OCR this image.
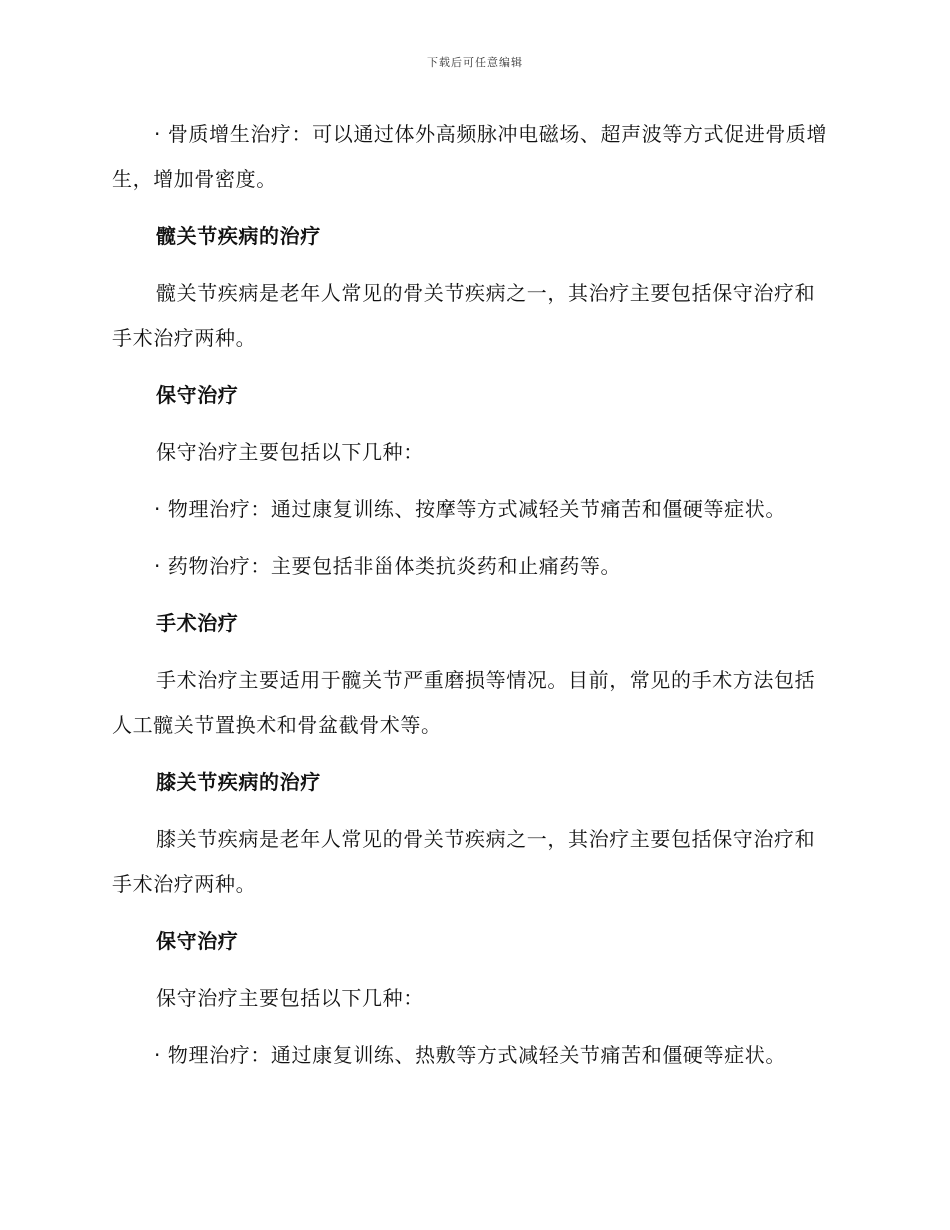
下载后可任意编辑

· 骨质增生治疗：可以通过体外高频脉冲电磁场、超声波等方式促进骨质增生，增加骨密度。

髋关节疾病的治疗

髋关节疾病是老年人常见的骨关节疾病之一，其治疗主要包括保守治疗和手术治疗两种。

保守治疗

保守治疗主要包括以下几种：

· 物理治疗：通过康复训练、按摩等方式减轻关节痛苦和僵硬等症状。

· 药物治疗：主要包括非甾体类抗炎药和止痛药等。

手术治疗

手术治疗主要适用于髋关节严重磨损等情况。目前，常见的手术方法包括人工髋关节置换术和骨盆截骨术等。

膝关节疾病的治疗

膝关节疾病是老年人常见的骨关节疾病之一，其治疗主要包括保守治疗和手术治疗两种。

保守治疗

保守治疗主要包括以下几种：

· 物理治疗：通过康复训练、热敷等方式减轻关节痛苦和僵硬等症状。
